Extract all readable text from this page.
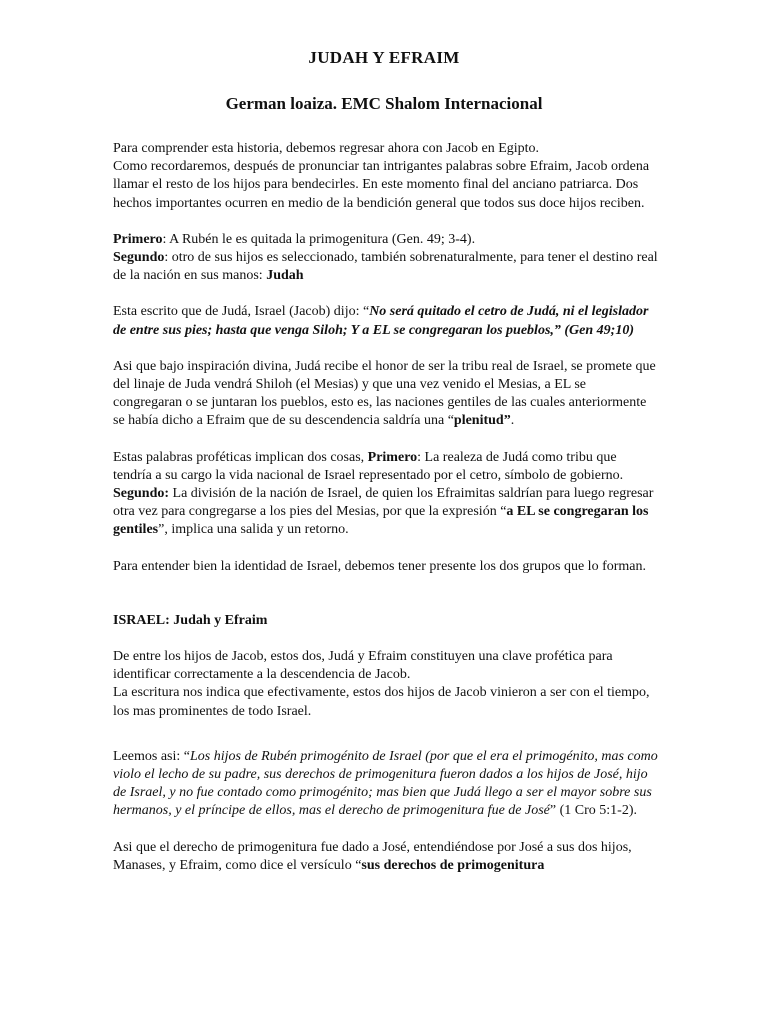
JUDAH Y EFRAIM
German loaiza. EMC Shalom Internacional

Para comprender esta historia, debemos regresar ahora con Jacob en Egipto.
Como recordaremos, después de pronunciar tan intrigantes palabras sobre Efraim, Jacob ordena llamar el resto de los hijos para bendecirles. En este momento final del anciano patriarca. Dos hechos importantes ocurren en medio de la bendición general que todos sus doce hijos reciben.

Primero: A Rubén le es quitada la primogenitura (Gen. 49; 3-4).
Segundo: otro de sus hijos es seleccionado, también sobrenaturalmente, para tener el destino real de la nación en sus manos: Judah

Esta escrito que de Judá, Israel (Jacob) dijo: “No será quitado el cetro de Judá, ni el legislador de entre sus pies; hasta que venga Siloh; Y a EL se congregaran los pueblos,” (Gen 49;10)

Asi que bajo inspiración divina, Judá recibe el honor de ser la tribu real de Israel, se promete que del linaje de Juda vendrá Shiloh (el Mesias) y que una vez venido el Mesias, a EL se congregaran o se juntaran los pueblos, esto es, las naciones gentiles de las cuales anteriormente se había dicho a Efraim que de su descendencia saldría una “plenitud”.

Estas palabras proféticas implican dos cosas, Primero: La realeza de Judá como tribu que tendría a su cargo la vida nacional de Israel representado por el cetro, símbolo de gobierno. Segundo: La división de la nación de Israel, de quien los Efraimitas saldrían para luego regresar otra vez para congregarse a los pies del Mesias, por que la expresión “a EL se congregaran los gentiles”, implica una salida y un retorno.

Para entender bien la identidad de Israel, debemos tener presente los dos grupos que lo forman.

ISRAEL: Judah y Efraim

De entre los hijos de Jacob, estos dos, Judá y Efraim constituyen una clave profética para identificar correctamente a la descendencia de Jacob.
La escritura nos indica que efectivamente, estos dos hijos de Jacob vinieron a ser con el tiempo, los mas prominentes de todo Israel.

Leemos asi: “Los hijos de Rubén primogénito de Israel (por que el era el primogénito, mas como violo el lecho de su padre, sus derechos de primogenitura fueron dados a los hijos de José, hijo de Israel, y no fue contado como primogénito; mas bien que Judá llego a ser el mayor sobre sus hermanos, y el príncipe de ellos, mas el derecho de primogenitura fue de José” (1 Cro 5:1-2).

Asi que el derecho de primogenitura fue dado a José, entendiéndose por José a sus dos hijos, Manases, y Efraim, como dice el versículo “sus derechos de primogenitura
